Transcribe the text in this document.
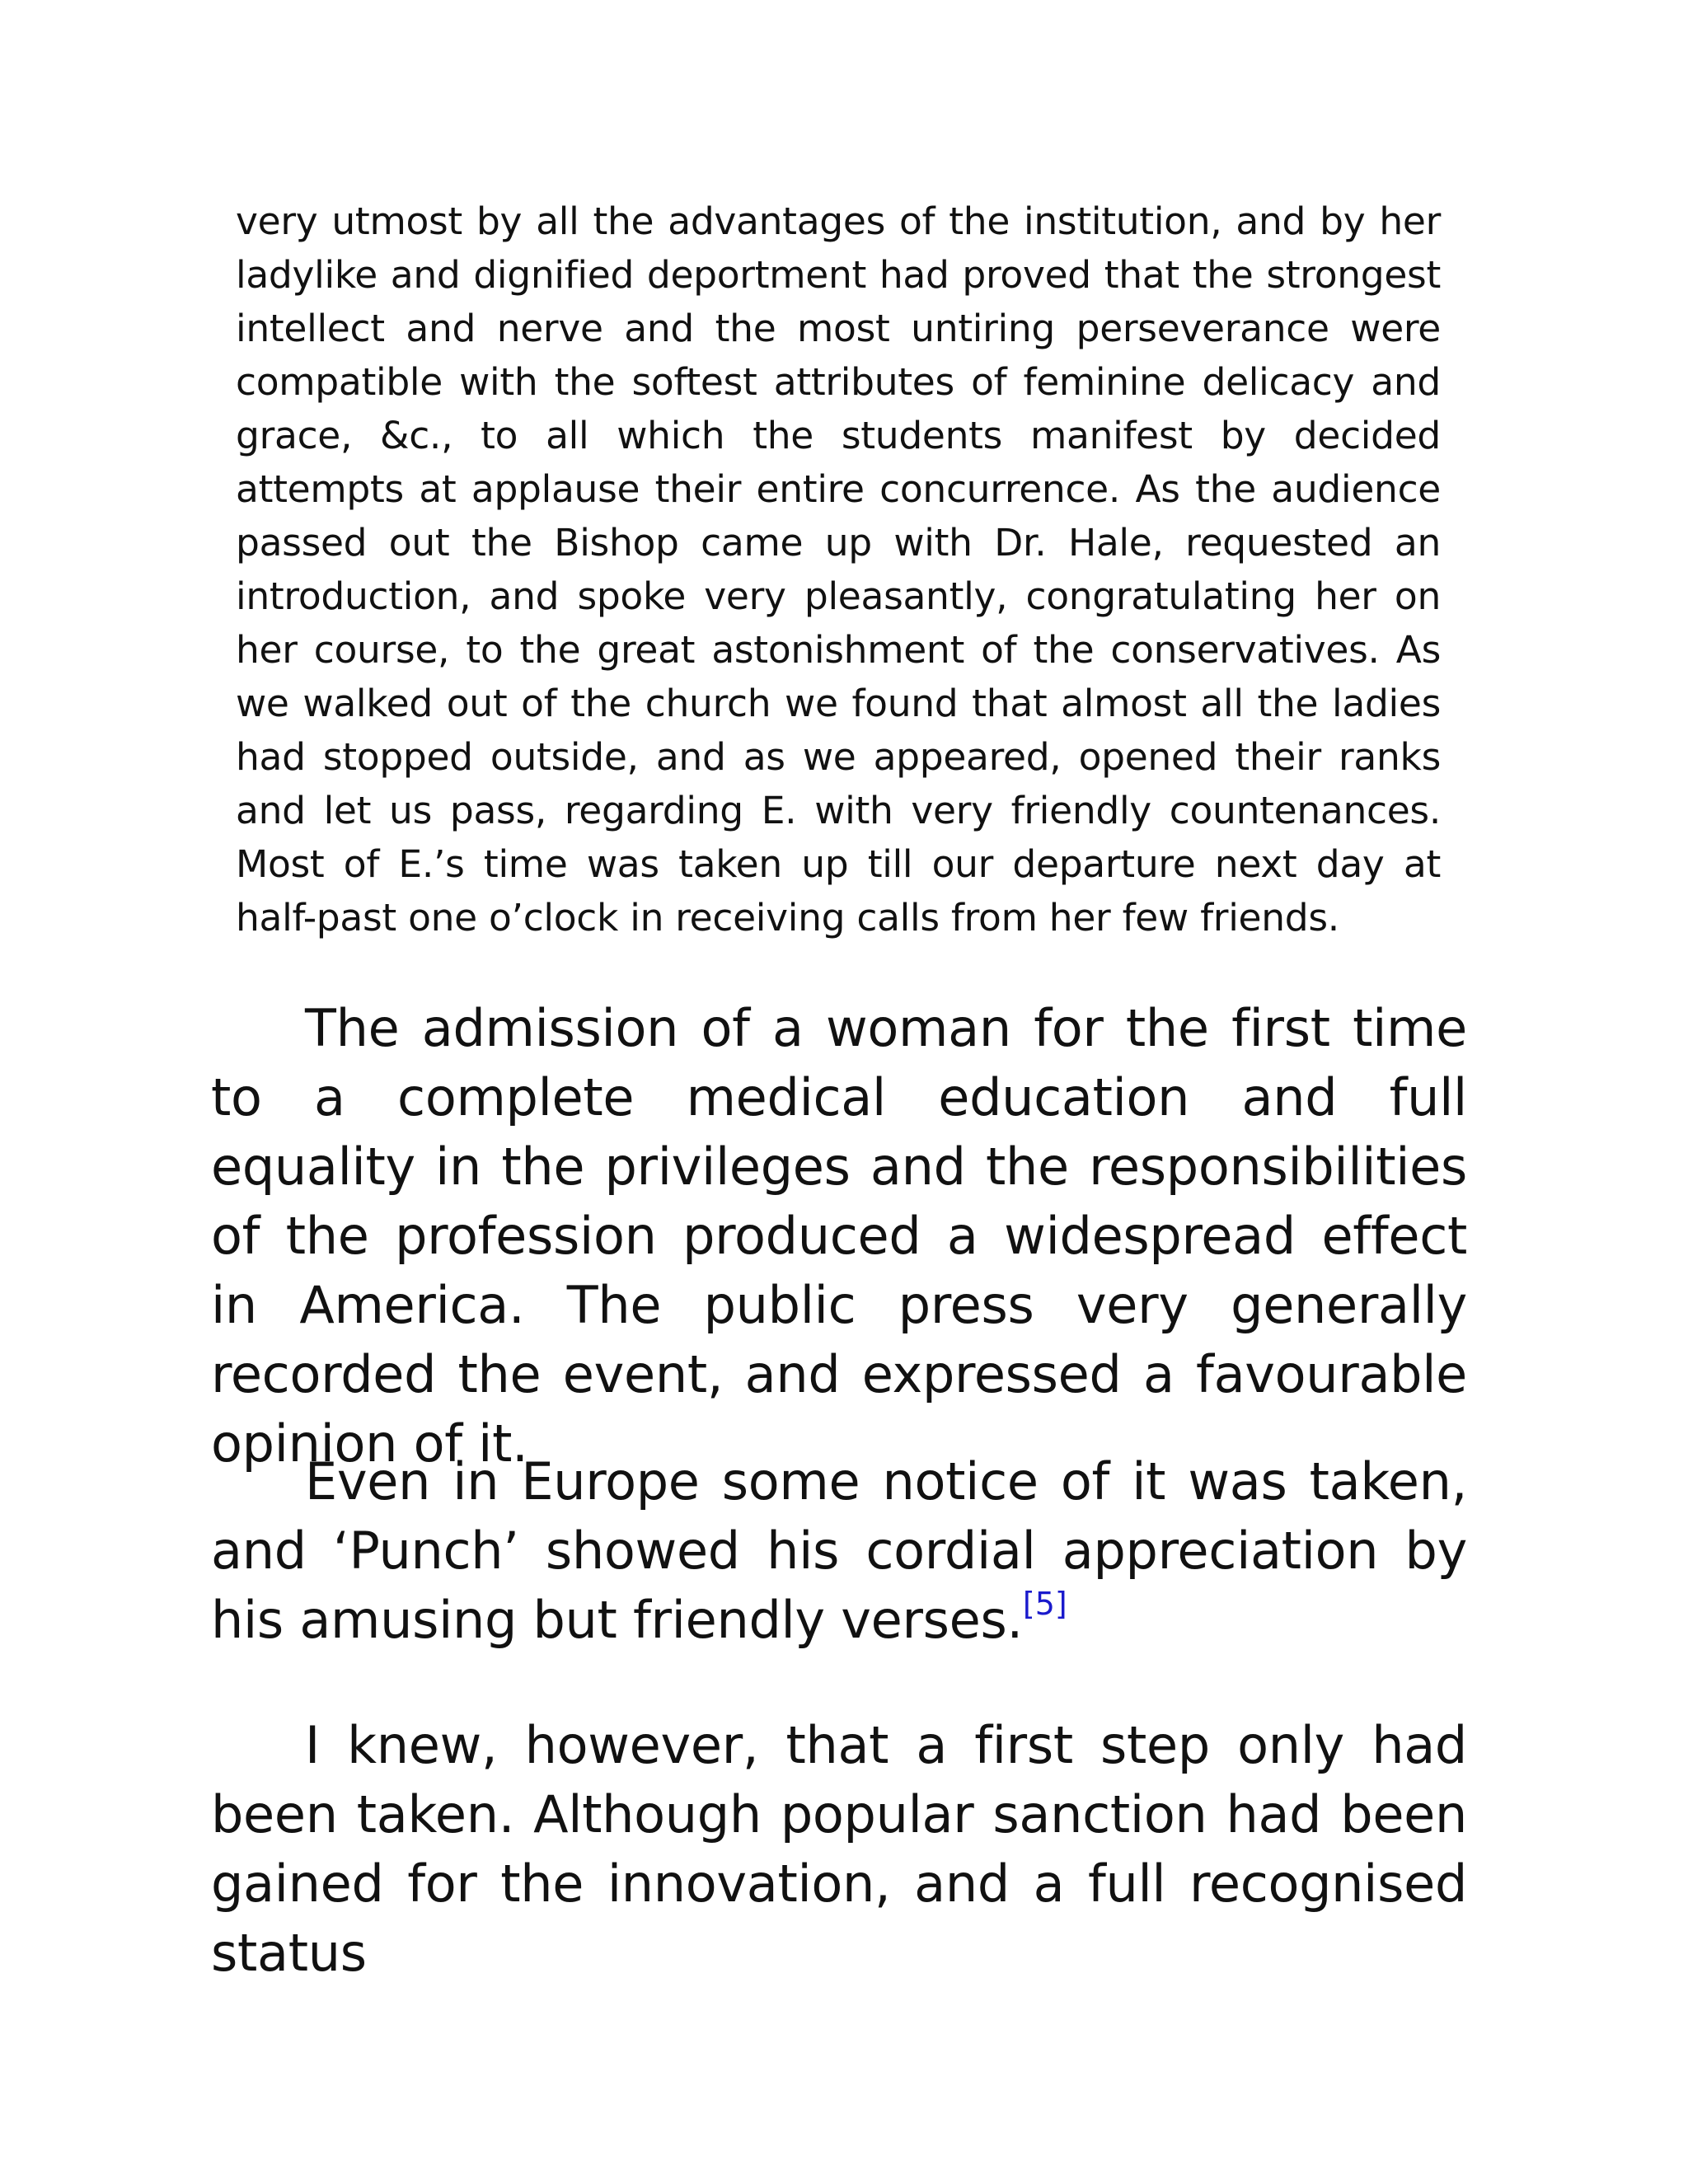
very utmost by all the advantages of the institution, and by her ladylike and dignified deportment had proved that the strongest intellect and nerve and the most untiring perseverance were compatible with the softest attributes of feminine delicacy and grace, &c., to all which the students manifest by decided attempts at applause their entire concurrence. As the audience passed out the Bishop came up with Dr. Hale, requested an introduction, and spoke very pleasantly, congratulating her on her course, to the great astonishment of the conservatives. As we walked out of the church we found that almost all the ladies had stopped outside, and as we appeared, opened their ranks and let us pass, regarding E. with very friendly countenances. Most of E.’s time was taken up till our departure next day at half-past one o’clock in receiving calls from her few friends.

The admission of a woman for the first time to a complete medical education and full equality in the privileges and the responsibilities of the profession produced a widespread effect in America. The public press very generally recorded the event, and expressed a favourable opinion of it.

Even in Europe some notice of it was taken, and ‘Punch’ showed his cordial appreciation by his amusing but friendly verses.[5]

I knew, however, that a first step only had been taken. Although popular sanction had been gained for the innovation, and a full recognised status
